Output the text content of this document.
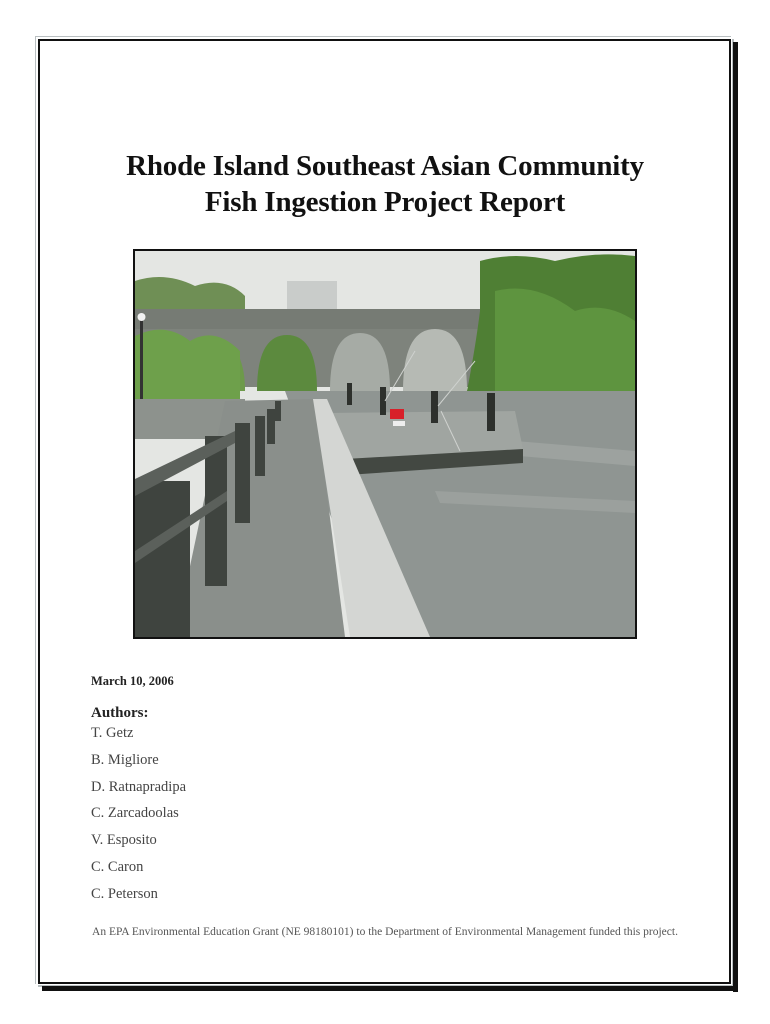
Rhode Island Southeast Asian Community
Fish Ingestion Project Report
March 10, 2006
Authors:
T. Getz
B. Migliore
D. Ratnapradipa
C. Zarcadoolas
V. Esposito
C. Caron
C. Peterson
An EPA Environmental Education Grant (NE 98180101) to the Department of Environmental Management funded this project.
